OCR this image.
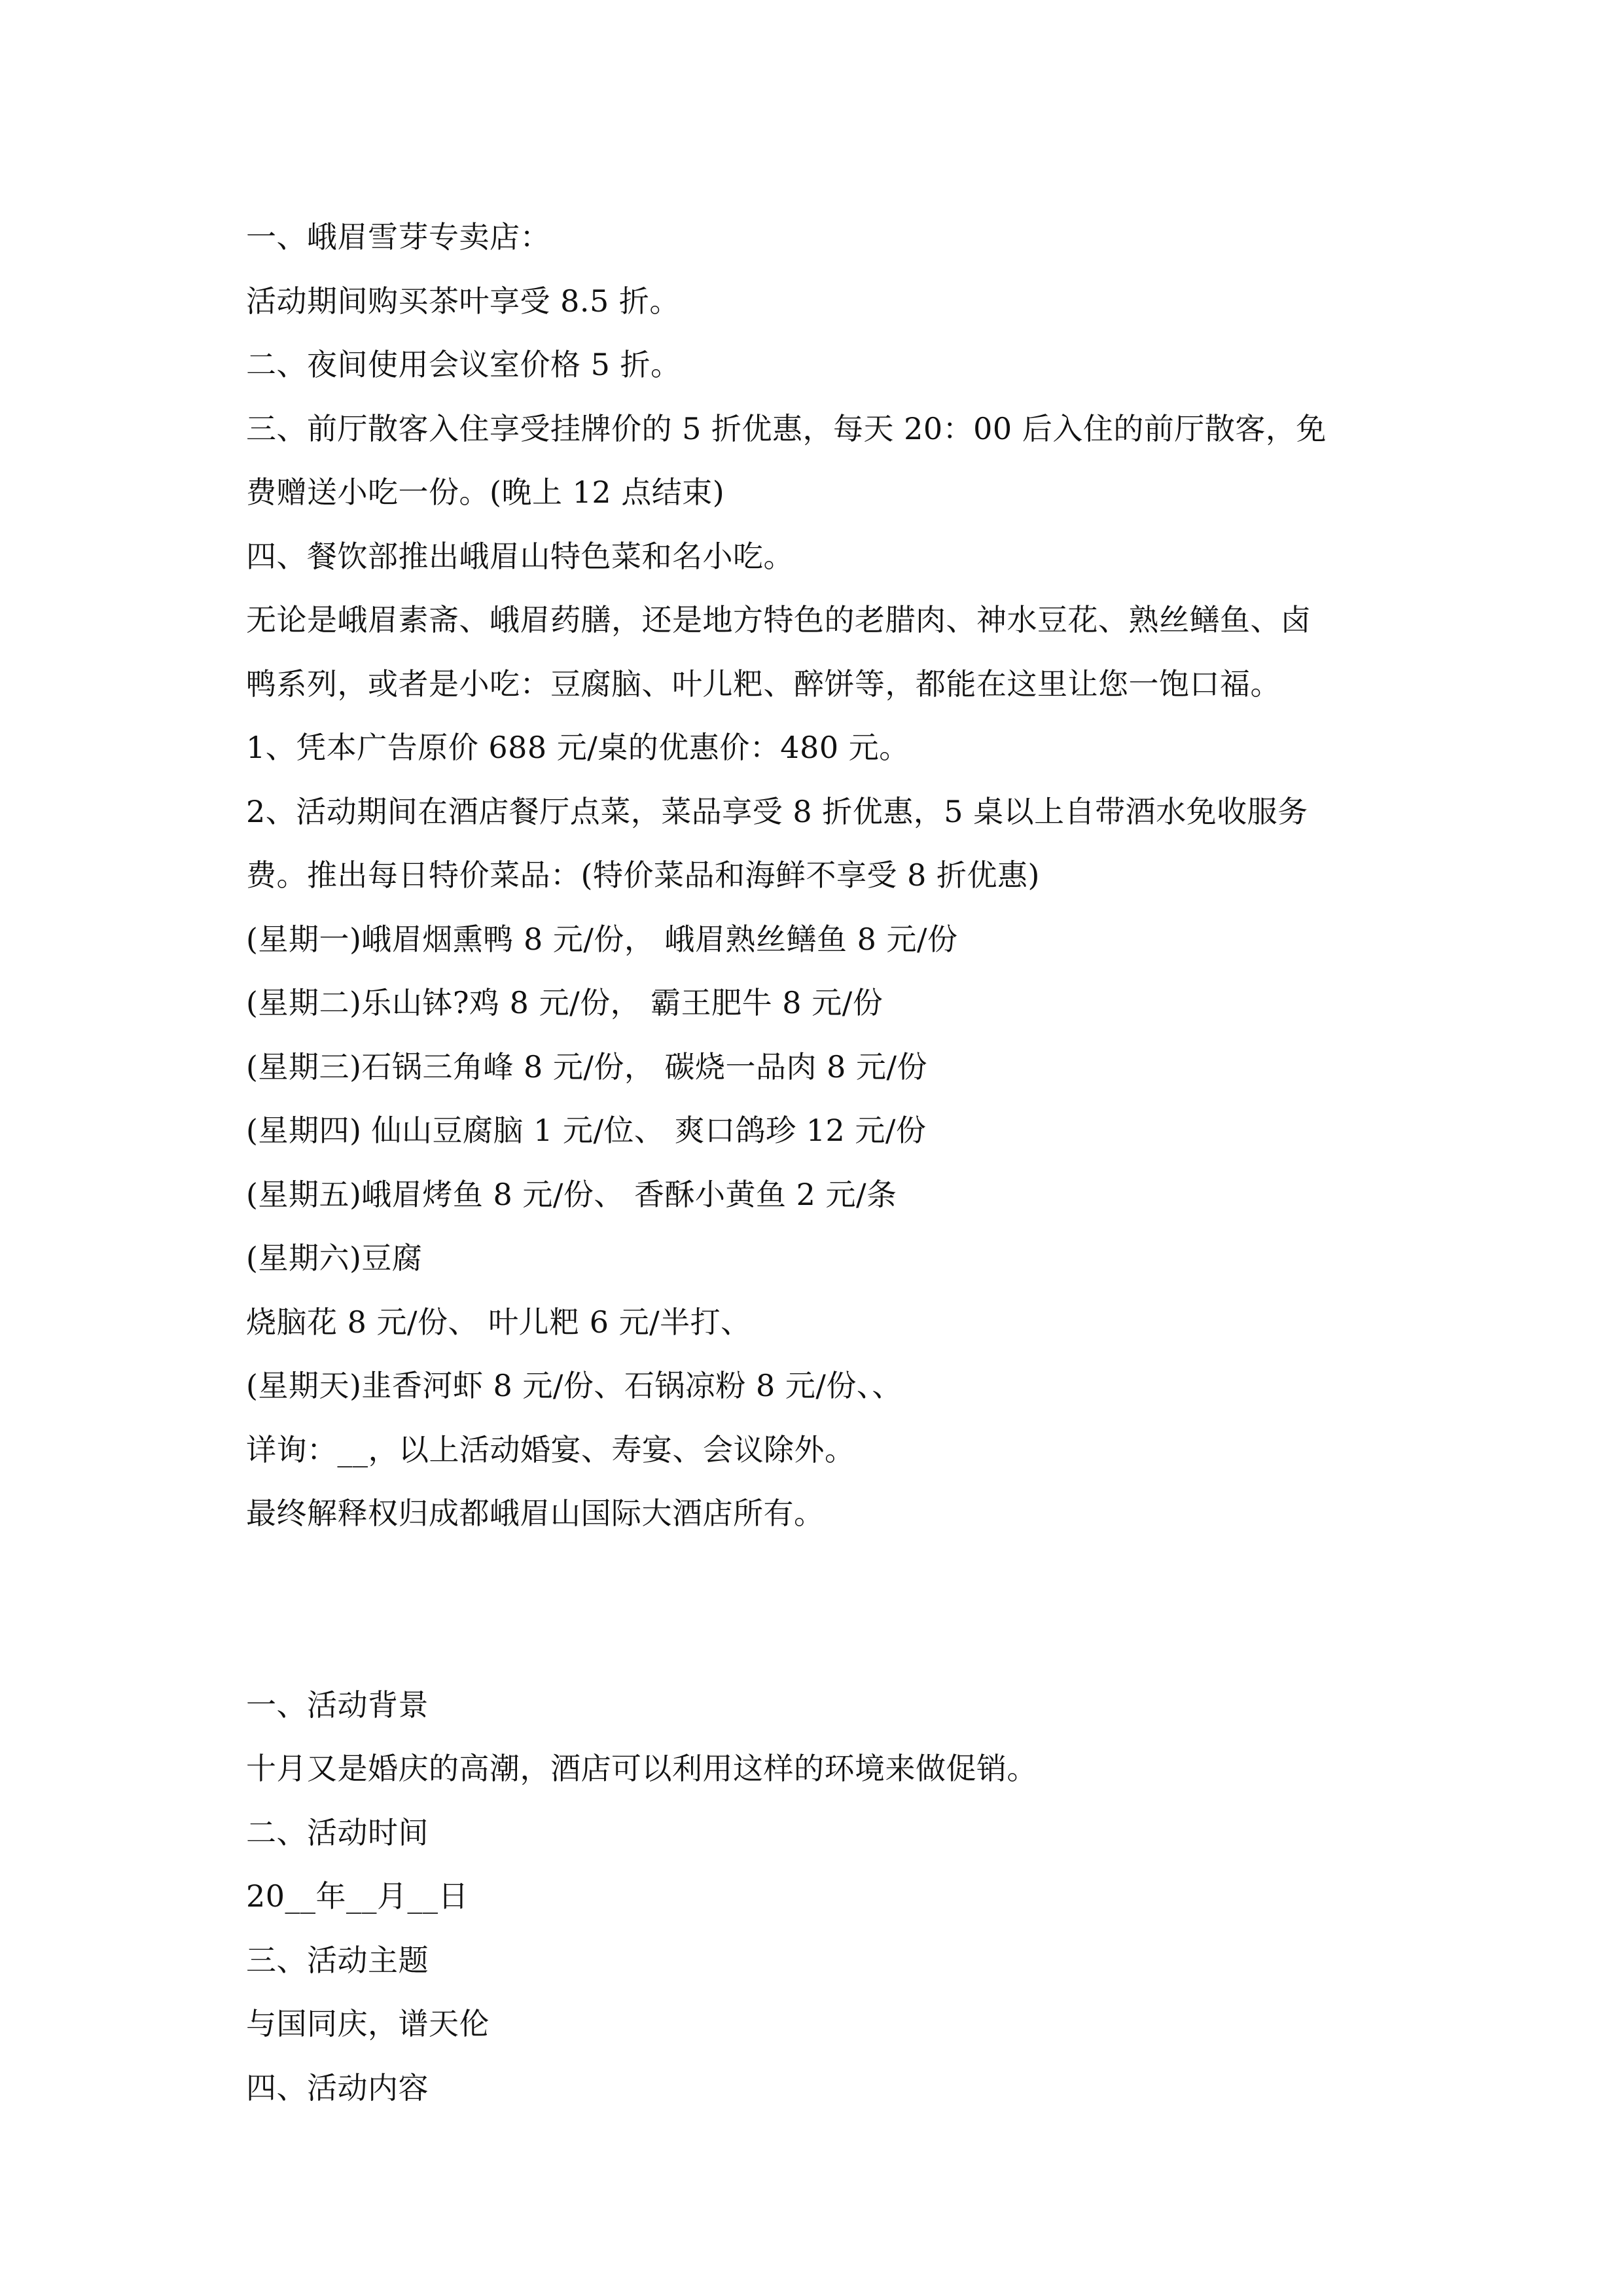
一、峨眉雪芽专卖店：
活动期间购买茶叶享受 8.5 折。
二、夜间使用会议室价格 5 折。
三、前厅散客入住享受挂牌价的 5 折优惠，每天 20：00 后入住的前厅散客，免
费赠送小吃一份。(晚上 12 点结束)
四、餐饮部推出峨眉山特色菜和名小吃。
无论是峨眉素斋、峨眉药膳，还是地方特色的老腊肉、神水豆花、熟丝鳝鱼、卤
鸭系列，或者是小吃：豆腐脑、叶儿粑、醉饼等，都能在这里让您一饱口福。
1、凭本广告原价 688 元/桌的优惠价：480 元。
2、活动期间在酒店餐厅点菜，菜品享受 8 折优惠，5 桌以上自带酒水免收服务
费。推出每日特价菜品：(特价菜品和海鲜不享受 8 折优惠)
(星期一)峨眉烟熏鸭 8 元/份， 峨眉熟丝鳝鱼 8 元/份
(星期二)乐山钵?鸡 8 元/份， 霸王肥牛 8 元/份
(星期三)石锅三角峰 8 元/份， 碳烧一品肉 8 元/份
(星期四) 仙山豆腐脑 1 元/位、 爽口鸽珍 12 元/份
(星期五)峨眉烤鱼 8 元/份、 香酥小黄鱼 2 元/条
(星期六)豆腐
烧脑花 8 元/份、 叶儿粑 6 元/半打、
(星期天)韭香河虾 8 元/份、石锅凉粉 8 元/份、、
详询：__，以上活动婚宴、寿宴、会议除外。
最终解释权归成都峨眉山国际大酒店所有。
一、活动背景
十月又是婚庆的高潮，酒店可以利用这样的环境来做促销。
二、活动时间
20__年__月__日
三、活动主题
与国同庆，谱天伦
四、活动内容
